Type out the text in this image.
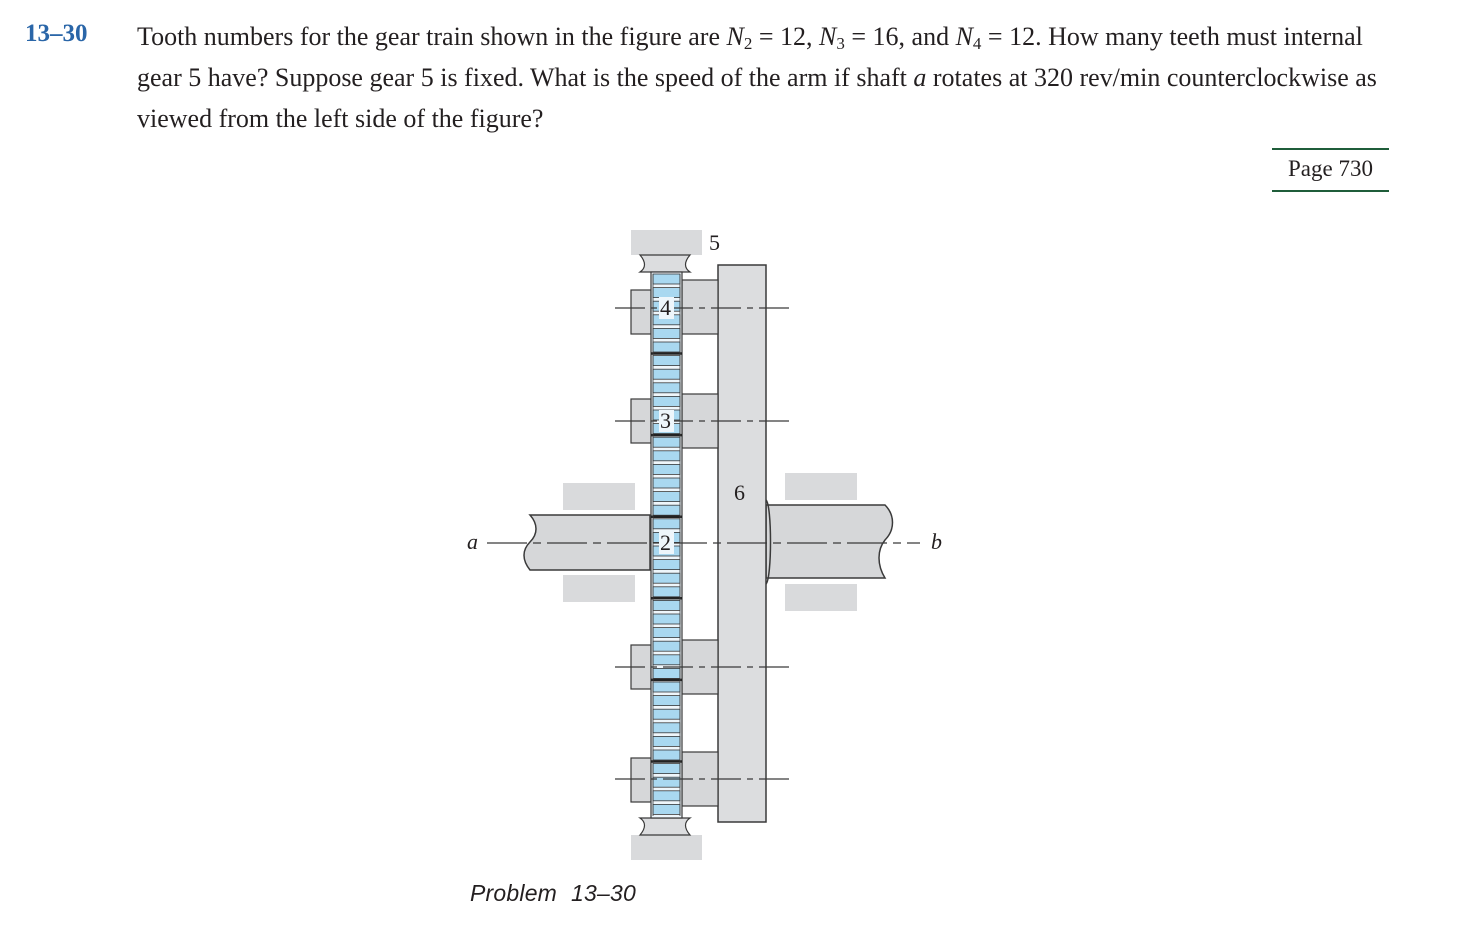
13–30 Tooth numbers for the gear train shown in the figure are $N_2 = 12$, $N_3 = 16$, and $N_4 = 12$. How many teeth must internal gear 5 have? Suppose gear 5 is fixed. What is the speed of the arm if shaft a rotates at 320 rev/min counterclockwise as viewed from the left side of the figure?
Page 730
5
4
3
2
6
a	b
Problem 13–30
